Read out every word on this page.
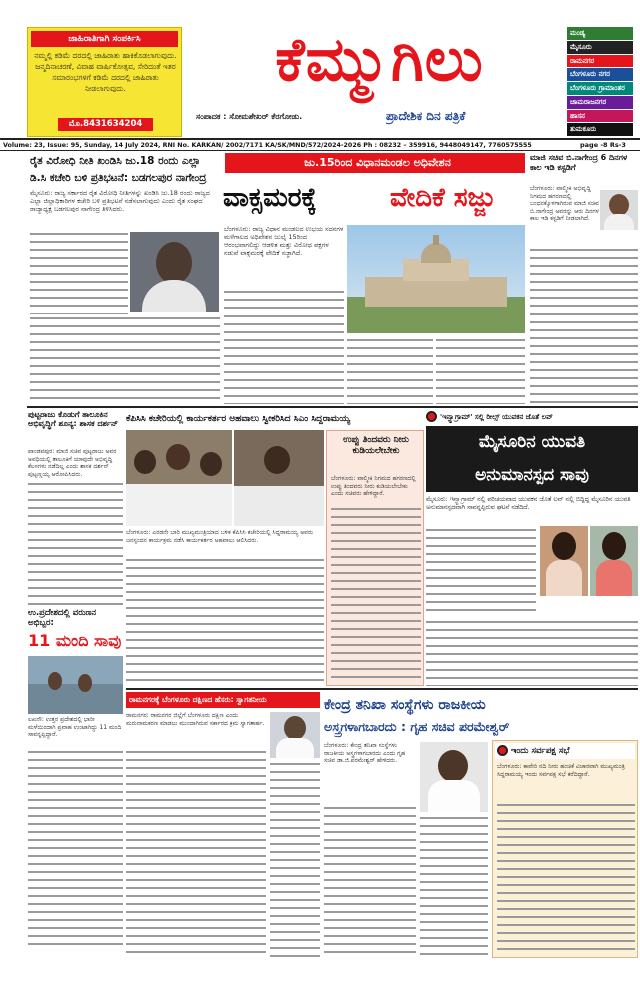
ಜಾಹಿರಾತಿಗಾಗಿ ಸಂಪರ್ಕಿಸಿ
ನಮ್ಮಲ್ಲಿ ಕಡಿಮೆ ದರದಲ್ಲಿ ಜಾಹಿರಾತು ಹಾಕಿಕೊಡಲಾಗುವುದು. ಜನ್ಮದಿನಾಚರಣೆ, ವಿವಾಹ ವಾರ್ಷಿಕೋತ್ಸವ, ಸೇರಿದಂತೆ ಇತರ ಸಮಾರಂಭಗಳಿಗೆ ಕಡಿಮೆ ದರದಲ್ಲಿ ಜಾಹಿರಾತು ನೀಡಲಾಗುವುದು.
ಮೊ.8431634204
ಕೆಮ್ಮುಗಿಲು
ಸಂಪಾದಕ : ಸೋಮಶೇಖರ್ ಕೆರಗೋಡು.	ಪ್ರಾದೇಶಿಕ ದಿನ ಪತ್ರಿಕೆ
ಮಂಡ್ಯ
ಮೈಸೂರು
ರಾಮನಗರ
ಬೆಂಗಳೂರು ನಗರ
ಬೆಂಗಳೂರು ಗ್ರಾಮಾಂತರ
ಚಾಮರಾಜನಗರ
ಹಾಸನ
ತುಮಕೂರು
Volume: 23, Issue: 95, Sunday, 14 July 2024, RNI No. KARKAN/ 2002/7171 KA/SK/MND/572/2024-2026 Ph : 08232 – 359916, 9448049147, 7760575555	page -8 Rs-3
ರೈತ ವಿರೋಧಿ ನೀತಿ ಖಂಡಿಸಿ ಜು.18 ರಂದು ಎಲ್ಲಾ
ಡಿ.ಸಿ ಕಚೇರಿ ಬಳಿ ಪ್ರತಿಭಟನೆ: ಬಡಗಲಪುರ ನಾಗೇಂದ್ರ
ಮೈಸೂರು: ರಾಜ್ಯ ಸರ್ಕಾರದ ರೈತ ವಿರೋಧಿ ನೀತಿಗಳನ್ನು ಖಂಡಿಸಿ ಜು.18 ರಂದು ರಾಜ್ಯದ ಎಲ್ಲಾ ಜಿಲ್ಲಾಧಿಕಾರಿಗಳ ಕಚೇರಿ ಬಳಿ ಪ್ರತಿಭಟನೆ ನಡೆಸಲಾಗುವುದು ಎಂದು ರೈತ ಸಂಘದ ರಾಜ್ಯಾಧ್ಯಕ್ಷ ಬಡಗಲಪುರ ನಾಗೇಂದ್ರ ತಿಳಿಸಿದರು.
ಜು.15ರಿಂದ ವಿಧಾನಮಂಡಲ ಅಧಿವೇಶನ
ವಾಕ್ಸಮರಕ್ಕೆ	ವೇದಿಕೆ ಸಜ್ಜು
ಬೆಂಗಳೂರು: ರಾಜ್ಯ ವಿಧಾನ ಮಂಡಲದ ಉಭಯ ಸದನಗಳ ಮಳೆಗಾಲದ ಅಧಿವೇಶನ ಜುಲೈ 15ರಿಂದ ಆರಂಭವಾಗಲಿದ್ದು ಆಡಳಿತ ಮತ್ತು ವಿರೋಧ ಪಕ್ಷಗಳ ನಡುವೆ ವಾಕ್ಸಮರಕ್ಕೆ ವೇದಿಕೆ ಸಜ್ಜಾಗಿದೆ.
ಮಾಜಿ ಸಚಿವ ಬಿ.ನಾಗೇಂದ್ರ 6 ದಿನಗಳ ಕಾಲ ಇಡಿ ಕಸ್ಟಡಿಗೆ
ಬೆಂಗಳೂರು: ವಾಲ್ಮೀಕಿ ಅಭಿವೃದ್ಧಿ ನಿಗಮದ ಹಗರಣದಲ್ಲಿ ಬಂಧನಕ್ಕೊಳಗಾಗಿರುವ ಮಾಜಿ ಸಚಿವ ಬಿ.ನಾಗೇಂದ್ರ ಅವರನ್ನು ಆರು ದಿನಗಳ ಕಾಲ ಇಡಿ ಕಸ್ಟಡಿಗೆ ನೀಡಲಾಗಿದೆ.
ಪುಟ್ಟರಾಜು ಕೊಡುಗೆ ತಾಲೂಕಿನ ಅಭಿವೃದ್ಧಿಗೆ ಶೂನ್ಯ: ಶಾಸಕ ದರ್ಶನ್
ಪಾಂಡವಪುರ: ಮಾಜಿ ಸಚಿವ ಪುಟ್ಟರಾಜು ಅವರ ಅವಧಿಯಲ್ಲಿ ತಾಲೂಕಿಗೆ ಯಾವುದೇ ಅಭಿವೃದ್ಧಿ ಕೆಲಸಗಳು ನಡೆದಿಲ್ಲ ಎಂದು ಶಾಸಕ ದರ್ಶನ್ ಪುಟ್ಟಣ್ಣಯ್ಯ ಆರೋಪಿಸಿದರು.
ಕೆಪಿಸಿಸಿ ಕಚೇರಿಯಲ್ಲಿ ಕಾರ್ಯಕರ್ತರ ಅಹವಾಲು ಸ್ವೀಕರಿಸಿದ ಸಿಎಂ ಸಿದ್ದರಾಮಯ್ಯ
ಬೆಂಗಳೂರು: ಎರಡನೇ ಬಾರಿ ಮುಖ್ಯಮಂತ್ರಿಯಾದ ಬಳಿಕ ಕೆಪಿಸಿಸಿ ಕಚೇರಿಯಲ್ಲಿ ಸಿದ್ದರಾಮಯ್ಯ ಅವರು ಜನಸ್ಪಂದನ ಕಾರ್ಯಕ್ರಮ ನಡೆಸಿ ಕಾರ್ಯಕರ್ತರ ಅಹವಾಲು ಆಲಿಸಿದರು.
ಉಪ್ಪು ತಿಂದವರು ನೀರು ಕುಡಿಯಲೇಬೇಕು
ಬೆಂಗಳೂರು: ವಾಲ್ಮೀಕಿ ನಿಗಮದ ಹಗರಣದಲ್ಲಿ ಉಪ್ಪು ತಿಂದವರು ನೀರು ಕುಡಿಯಲೇಬೇಕು ಎಂದು ಸಚಿವರು ಹೇಳಿದ್ದಾರೆ.
'ಇನ್ಸ್ಟಾಗ್ರಾಮ್' ಸಲ್ಲಿ ರೀಲ್ಸ್ ಯುವಕನ ಜೊತೆ ಲವ್
ಮೈಸೂರಿನ ಯುವತಿ
ಅನುಮಾನಸ್ಪದ ಸಾವು
ಮೈಸೂರು: ಇನ್ಸ್ಟಾಗ್ರಾಮ್ ನಲ್ಲಿ ಪರಿಚಯವಾದ ಯುವಕನ ಜೊತೆ ಲವ್ ನಲ್ಲಿ ಬಿದ್ದಿದ್ದ ಮೈಸೂರಿನ ಯುವತಿ ಅನುಮಾನಸ್ಪದವಾಗಿ ಸಾವನ್ನಪ್ಪಿರುವ ಘಟನೆ ನಡೆದಿದೆ.
ಉ.ಪ್ರದೇಶದಲ್ಲಿ ವರುಣನ ಅಭಿಬ್ಬರ:
11 ಮಂದಿ ಸಾವು
ಲಖನೌ: ಉತ್ತರ ಪ್ರದೇಶದಲ್ಲಿ ಭಾರೀ ಮಳೆಯಿಂದಾಗಿ ಪ್ರವಾಹ ಉಂಟಾಗಿದ್ದು 11 ಮಂದಿ ಸಾವನ್ನಪ್ಪಿದ್ದಾರೆ.
ರಾಮನಗರಕ್ಕೆ ಬೆಂಗಳೂರು ದಕ್ಷಿಣದ ಹೆಸರು: ಸ್ವಾಗತನೀಯ
ರಾಮನಗರ: ರಾಮನಗರ ಜಿಲ್ಲೆಗೆ ಬೆಂಗಳೂರು ದಕ್ಷಿಣ ಎಂದು ಮರುನಾಮಕರಣ ಮಾಡಲು ಮುಂದಾಗಿರುವ ಸರ್ಕಾರದ ಕ್ರಮ ಸ್ವಾಗತಾರ್ಹ.
ಕೇಂದ್ರ ತನಿಖಾ ಸಂಸ್ಥೆಗಳು ರಾಜಕೀಯ
ಅಸ್ತ್ರಗಳಾಗಬಾರದು : ಗೃಹ ಸಚಿವ ಪರಮೇಶ್ವರ್
ಬೆಂಗಳೂರು: ಕೇಂದ್ರ ತನಿಖಾ ಸಂಸ್ಥೆಗಳು ರಾಜಕೀಯ ಅಸ್ತ್ರಗಳಾಗಬಾರದು ಎಂದು ಗೃಹ ಸಚಿವ ಡಾ.ಜಿ.ಪರಮೇಶ್ವರ್ ಹೇಳಿದರು.
ಇಂದು ಸರ್ವಪಕ್ಷ ಸಭೆ
ಬೆಂಗಳೂರು: ಕಾವೇರಿ ನದಿ ನೀರು ಹಂಚಿಕೆ ವಿಚಾರವಾಗಿ ಮುಖ್ಯಮಂತ್ರಿ ಸಿದ್ದರಾಮಯ್ಯ ಇಂದು ಸರ್ವಪಕ್ಷ ಸಭೆ ಕರೆದಿದ್ದಾರೆ.
